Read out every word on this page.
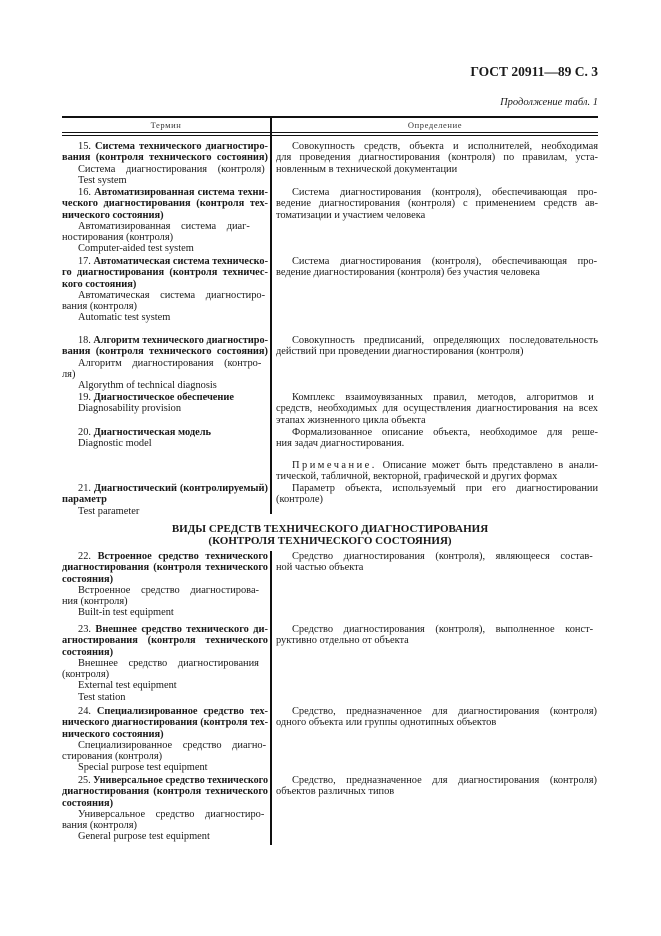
ГОСТ 20911—89 С. 3
Продолжение табл. 1
Термин	Определение
ВИДЫ СРЕДСТВ ТЕХНИЧЕСКОГО ДИАГНОСТИРОВАНИЯ
(КОНТРОЛЯ ТЕХНИЧЕСКОГО СОСТОЯНИЯ)
15. Система технического диагностиро-
вания (контроля технического состояния)
Система диагностирования (контроля)
Test system
Совокупность средств, объекта и исполнителей, необходимая
для проведения диагностирования (контроля) по правилам, уста-
новленным в технической документации
16. Автоматизированная система техни-
ческого диагностирования (контроля тех-
нического состояния)
Автоматизированная система диаг-
ностирования (контроля)
Computer-aided test system
Система диагностирования (контроля), обеспечивающая про-
ведение диагностирования (контроля) с применением средств ав-
томатизации и участием человека
17. Автоматическая система техническо-
го диагностирования (контроля техничес-
кого состояния)
Автоматическая система диагностиро-
вания (контроля)
Automatic test system
Система диагностирования (контроля), обеспечивающая про-
ведение диагностирования (контроля) без участия человека
18. Алгоритм технического диагностиро-
вания (контроля технического состояния)
Алгоритм диагностирования (контро-
ля)
Algorythm of technical diagnosis
Совокупность предписаний, определяющих последовательность
действий при проведении диагностирования (контроля)
19. Диагностическое обеспечение
Diagnosability provision
Комплекс взаимоувязанных правил, методов, алгоритмов и
средств, необходимых для осуществления диагностирования на всех
этапах жизненного цикла объекта
20. Диагностическая модель
Diagnostic model
Формализованное описание объекта, необходимое для реше-
ния задач диагностирования.
Примечание. Описание может быть представлено в анали-
тической, табличной, векторной, графической и других формах
21. Диагностический (контролируемый)
параметр
Test parameter
Параметр объекта, используемый при его диагностировании
(контроле)
22. Встроенное средство технического
диагностирования (контроля технического
состояния)
Встроенное средство диагностирова-
ния (контроля)
Built-in test equipment
Средство диагностирования (контроля), являющееся состав-
ной частью объекта
23. Внешнее средство технического ди-
агностирования (контроля технического
состояния)
Внешнее средство диагностирования
(контроля)
External test equipment
Test station
Средство диагностирования (контроля), выполненное конст-
руктивно отдельно от объекта
24. Специализированное средство тех-
нического диагностирования (контроля тех-
нического состояния)
Специализированное средство диагно-
стирования (контроля)
Special purpose test equipment
Средство, предназначенное для диагностирования (контроля)
одного объекта или группы однотипных объектов
25. Универсальное средство технического
диагностирования (контроля технического
состояния)
Универсальное средство диагностиро-
вания (контроля)
General purpose test equipment
Средство, предназначенное для диагностирования (контроля)
объектов различных типов
